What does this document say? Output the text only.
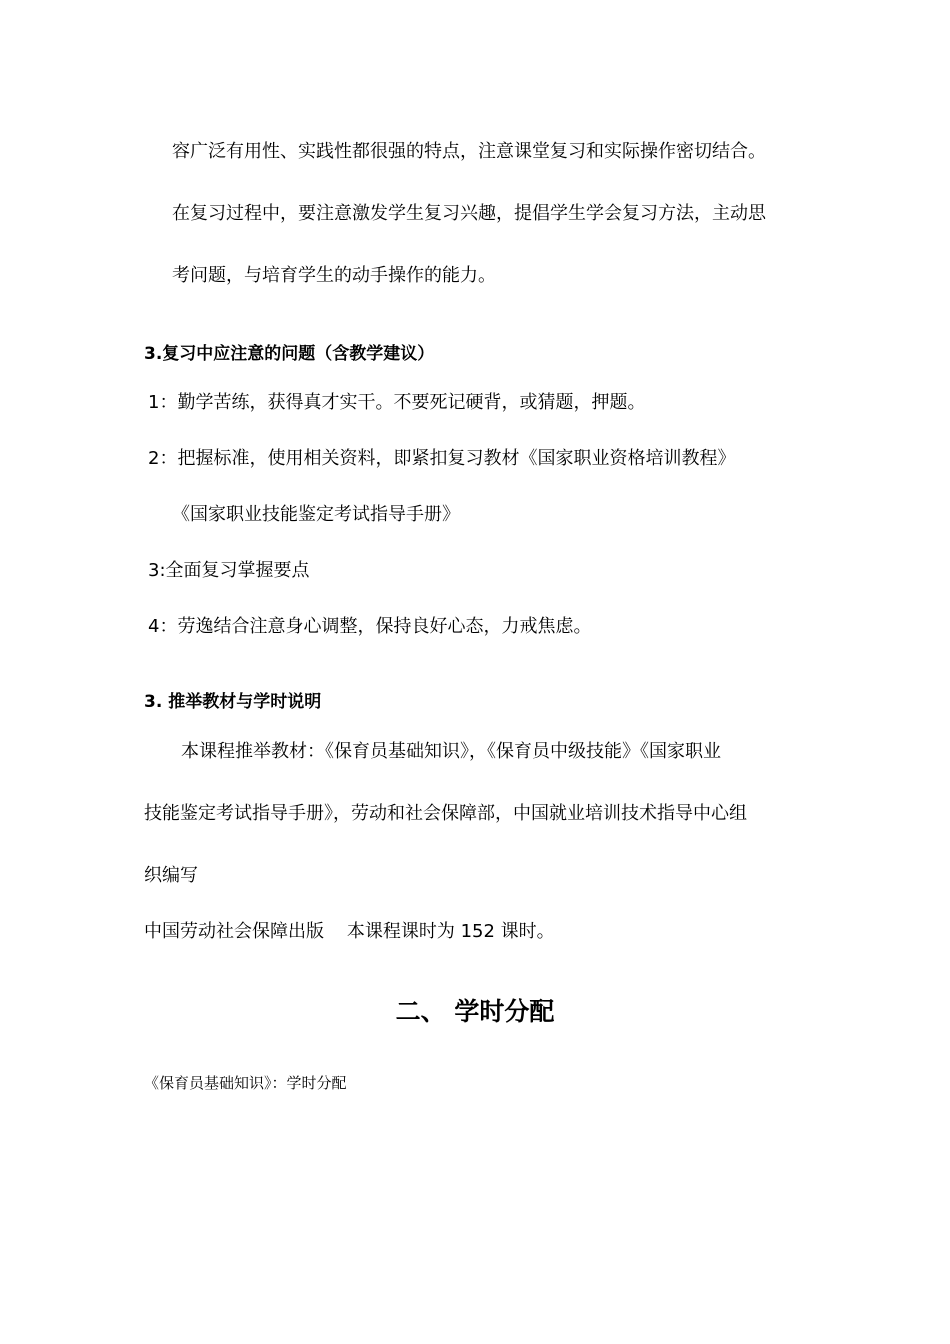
容广泛有用性、实践性都很强的特点，注意课堂复习和实际操作密切结合。
在复习过程中，要注意激发学生复习兴趣，提倡学生学会复习方法，主动思
考问题，与培育学生的动手操作的能力。
3.复习中应注意的问题（含教学建议）
1：勤学苦练，获得真才实干。不要死记硬背，或猜题，押题。
2：把握标准，使用相关资料，即紧扣复习教材《国家职业资格培训教程》
《国家职业技能鉴定考试指导手册》
3:全面复习掌握要点
4：劳逸结合注意身心调整，保持良好心态，力戒焦虑。
3. 推举教材与学时说明
本课程推举教材：《保育员基础知识》，《保育员中级技能》《国家职业
技能鉴定考试指导手册》，劳动和社会保障部，中国就业培训技术指导中心组
织编写
中国劳动社会保障出版    本课程课时为 152 课时。
二、 学时分配
《保育员基础知识》：学时分配
